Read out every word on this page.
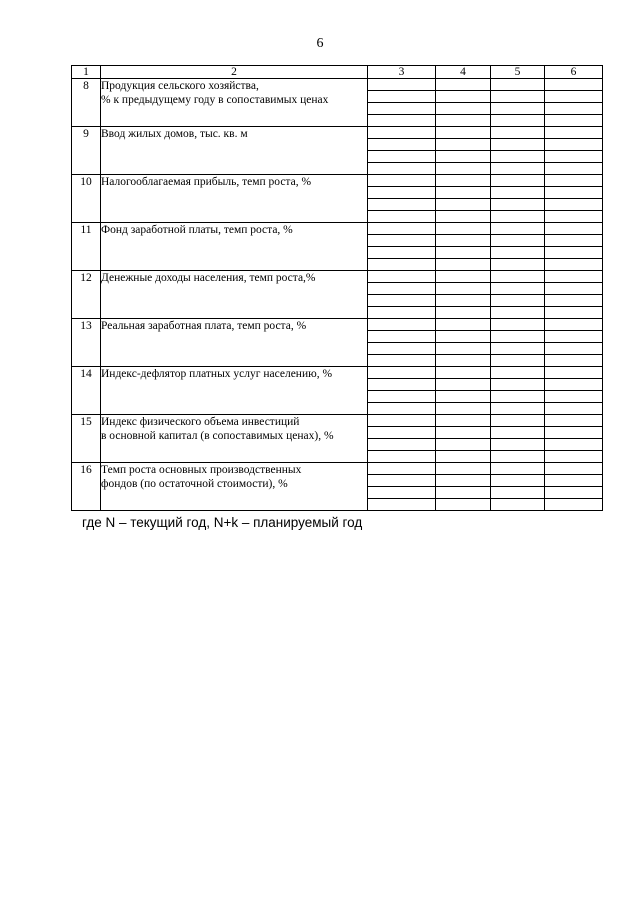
6
1	2	3	4	5	6
8	Продукция сельского хозяйства,
% к предыдущему году в сопоставимых ценах				

9	Ввод жилых домов, тыс. кв. м				

10	Налогооблагаемая прибыль, темп роста, %				

11	Фонд заработной платы, темп роста, %				

12	Денежные доходы населения, темп роста,%				

13	Реальная заработная плата, темп роста, %				

14	Индекс-дефлятор платных услуг населению, %				

15	Индекс физического объема инвестиций
в основной капитал (в сопоставимых ценах), %				

16	Темп роста основных производственных
фондов (по остаточной стоимости), %				

где N – текущий год, N+k – планируемый год
